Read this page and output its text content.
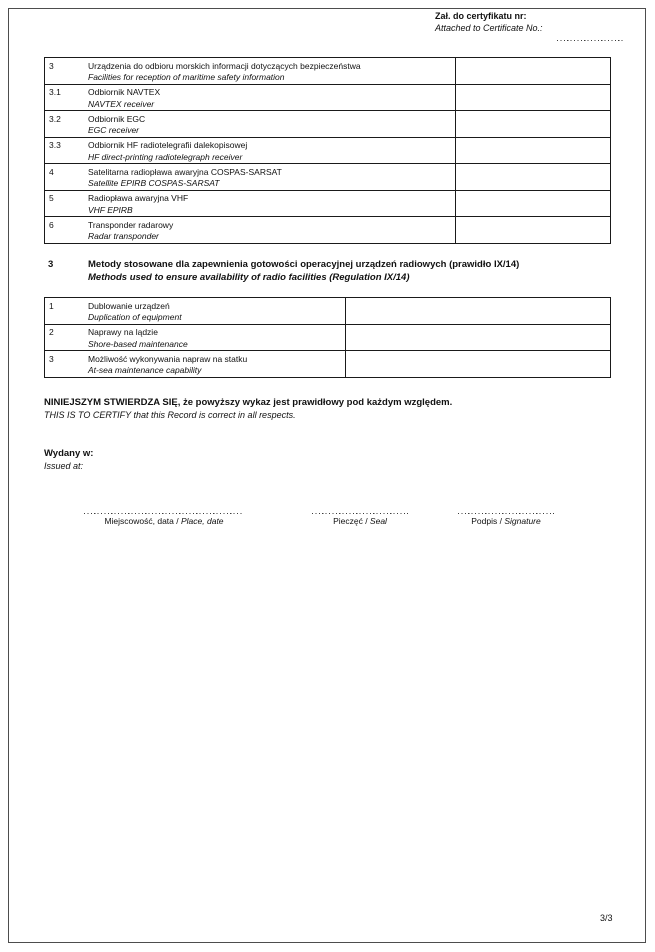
Zał. do certyfikatu nr:
Attached to Certificate No.:
3 Urządzenia do odbioru morskich informacji dotyczących bezpieczeństwa
Facilities for reception of maritime safety information	

3.1 Odbiornik NAVTEX
NAVTEX receiver	

3.2 Odbiornik EGC
EGC receiver	

3.3 Odbiornik HF radiotelegrafii dalekopisowej
HF direct-printing radiotelegraph receiver	

4 Satelitarna radiopława awaryjna COSPAS-SARSAT
Satellite EPIRB COSPAS-SARSAT	

5 Radiopława awaryjna VHF
VHF EPIRB	

6 Transponder radarowy
Radar transponder	

3	Metody stosowane dla zapewnienia gotowości operacyjnej urządzeń radiowych (prawidło IX/14)
Methods used to ensure availability of radio facilities (Regulation IX/14)
1 Dublowanie urządzeń
Duplication of equipment	

2 Naprawy na lądzie
Shore-based maintenance	

3 Możliwość wykonywania napraw na statku
At-sea maintenance capability	

NINIEJSZYM STWIERDZA SIĘ, że powyższy wykaz jest prawidłowy pod każdym względem.
THIS IS TO CERTIFY that this Record is correct in all respects.
Wydany w:
Issued at:
Miejscowość, data / Place, date	Pieczęć / Seal	Podpis / Signature
3/3
